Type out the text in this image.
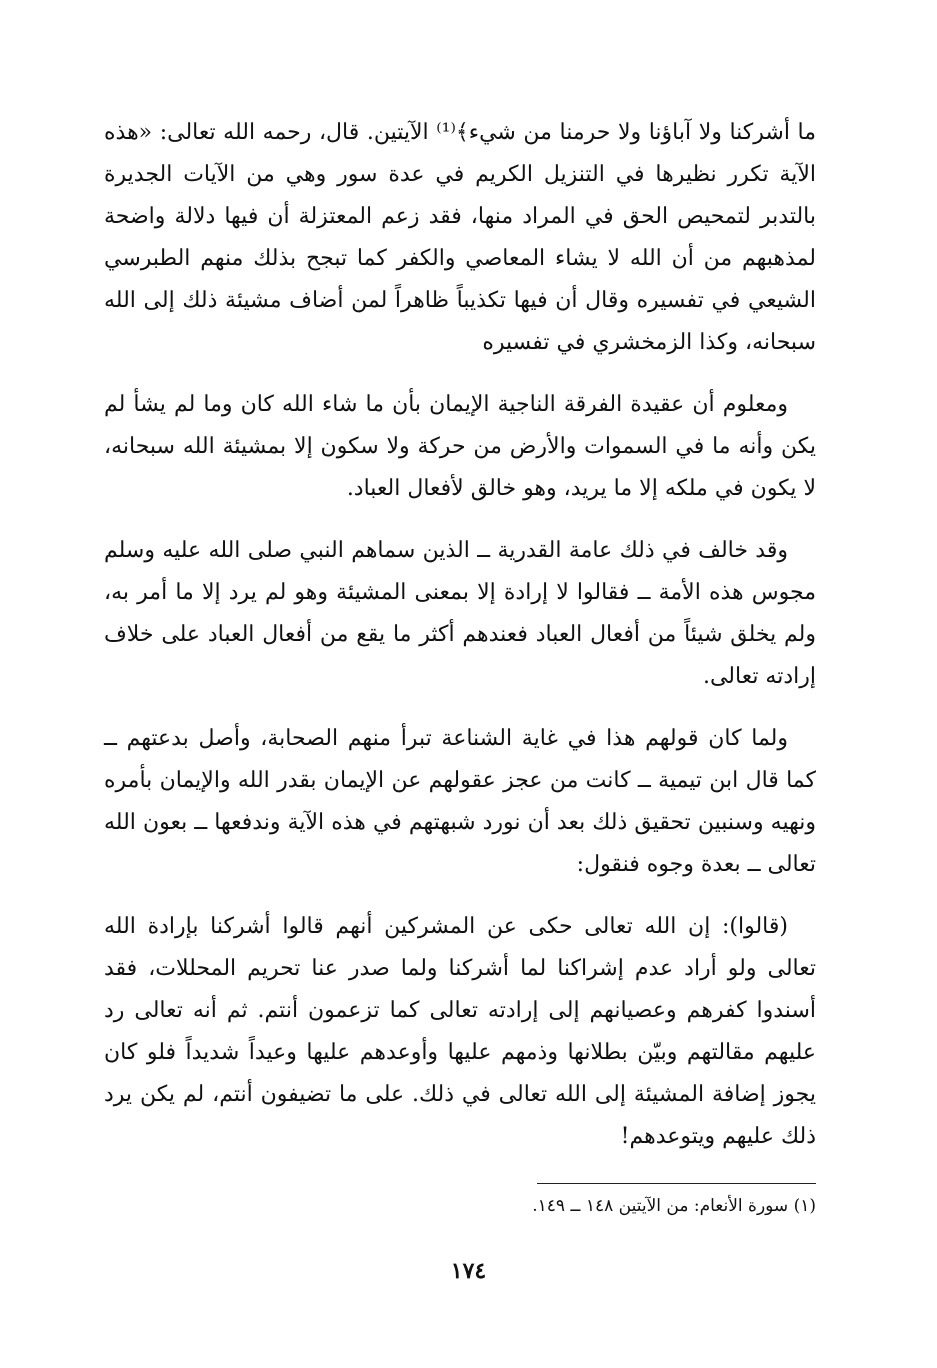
ما أشركنا ولا آباؤنا ولا حرمنا من شيء﴾⁽¹⁾ الآيتين. قال، رحمه الله تعالى: «هذه الآية تكرر نظيرها في التنزيل الكريم في عدة سور وهي من الآيات الجديرة بالتدبر لتمحيص الحق في المراد منها، فقد زعم المعتزلة أن فيها دلالة واضحة لمذهبهم من أن الله لا يشاء المعاصي والكفر كما تبجح بذلك منهم الطبرسي الشيعي في تفسيره وقال أن فيها تكذيباً ظاهراً لمن أضاف مشيئة ذلك إلى الله سبحانه، وكذا الزمخشري في تفسيره

ومعلوم أن عقيدة الفرقة الناجية الإيمان بأن ما شاء الله كان وما لم يشأ لم يكن وأنه ما في السموات والأرض من حركة ولا سكون إلا بمشيئة الله سبحانه، لا يكون في ملكه إلا ما يريد، وهو خالق لأفعال العباد.

وقد خالف في ذلك عامة القدرية ــ الذين سماهم النبي صلى الله عليه وسلم مجوس هذه الأمة ــ فقالوا لا إرادة إلا بمعنى المشيئة وهو لم يرد إلا ما أمر به، ولم يخلق شيئاً من أفعال العباد فعندهم أكثر ما يقع من أفعال العباد على خلاف إرادته تعالى.

ولما كان قولهم هذا في غاية الشناعة تبرأ منهم الصحابة، وأصل بدعتهم ــ كما قال ابن تيمية ــ كانت من عجز عقولهم عن الإيمان بقدر الله والإيمان بأمره ونهيه وسنبين تحقيق ذلك بعد أن نورد شبهتهم في هذه الآية وندفعها ــ بعون الله تعالى ــ بعدة وجوه فنقول:

(قالوا): إن الله تعالى حكى عن المشركين أنهم قالوا أشركنا بإرادة الله تعالى ولو أراد عدم إشراكنا لما أشركنا ولما صدر عنا تحريم المحللات، فقد أسندوا كفرهم وعصيانهم إلى إرادته تعالى كما تزعمون أنتم. ثم أنه تعالى رد عليهم مقالتهم وبيّن بطلانها وذمهم عليها وأوعدهم عليها وعيداً شديداً فلو كان يجوز إضافة المشيئة إلى الله تعالى في ذلك. على ما تضيفون أنتم، لم يكن يرد ذلك عليهم ويتوعدهم!

(١) سورة الأنعام: من الآيتين ١٤٨ ــ ١٤٩.
١٧٤
